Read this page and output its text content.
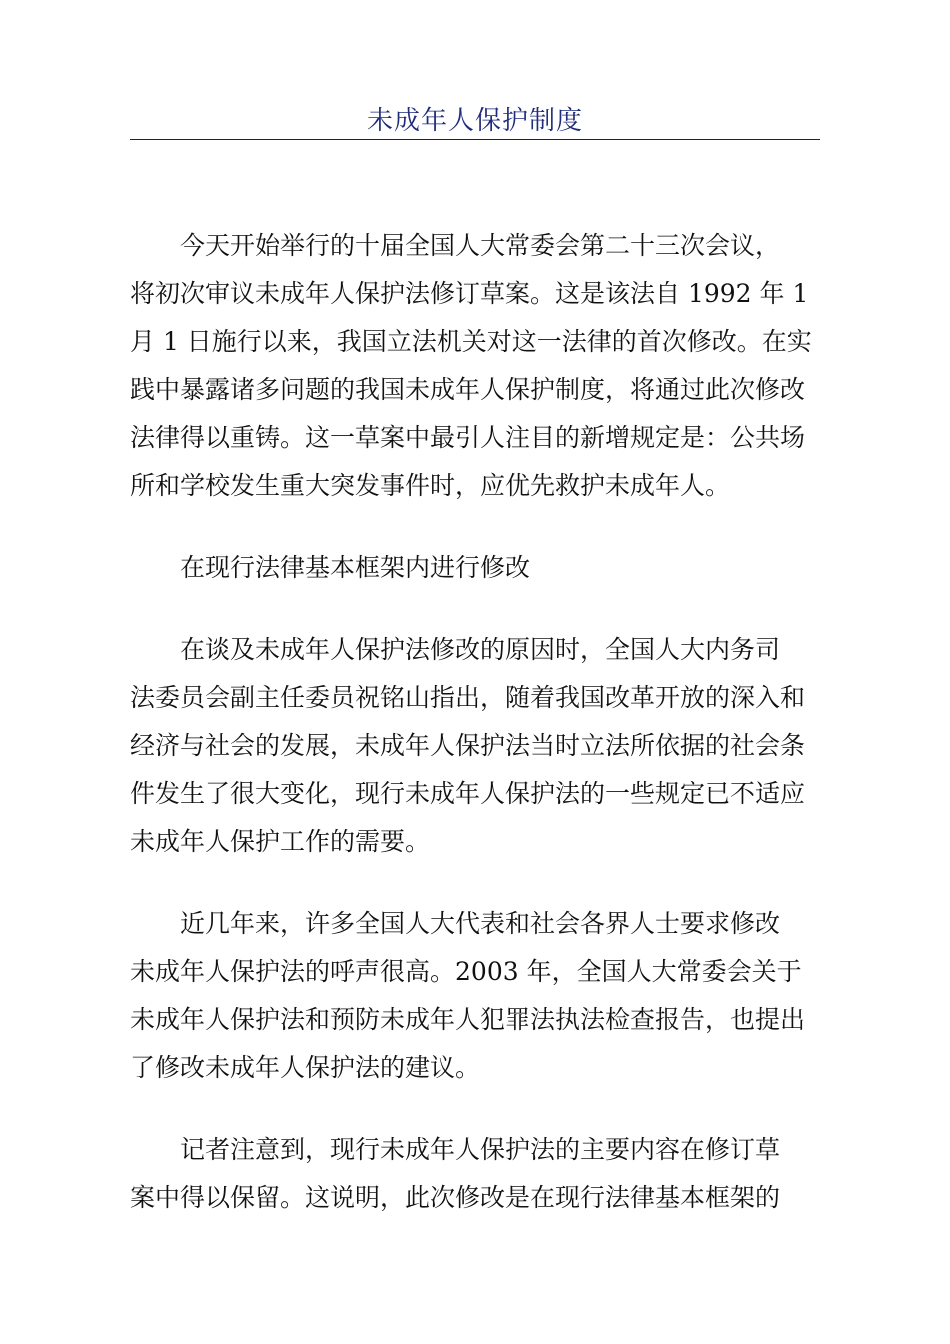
未成年人保护制度

今天开始举行的十届全国人大常委会第二十三次会议，
将初次审议未成年人保护法修订草案。这是该法自 1992 年 1
月 1 日施行以来，我国立法机关对这一法律的首次修改。在实
践中暴露诸多问题的我国未成年人保护制度，将通过此次修改
法律得以重铸。这一草案中最引人注目的新增规定是：公共场
所和学校发生重大突发事件时，应优先救护未成年人。

在现行法律基本框架内进行修改

在谈及未成年人保护法修改的原因时，全国人大内务司
法委员会副主任委员祝铭山指出，随着我国改革开放的深入和
经济与社会的发展，未成年人保护法当时立法所依据的社会条
件发生了很大变化，现行未成年人保护法的一些规定已不适应
未成年人保护工作的需要。

近几年来，许多全国人大代表和社会各界人士要求修改
未成年人保护法的呼声很高。2003 年，全国人大常委会关于
未成年人保护法和预防未成年人犯罪法执法检查报告，也提出
了修改未成年人保护法的建议。

记者注意到，现行未成年人保护法的主要内容在修订草
案中得以保留。这说明，此次修改是在现行法律基本框架的
